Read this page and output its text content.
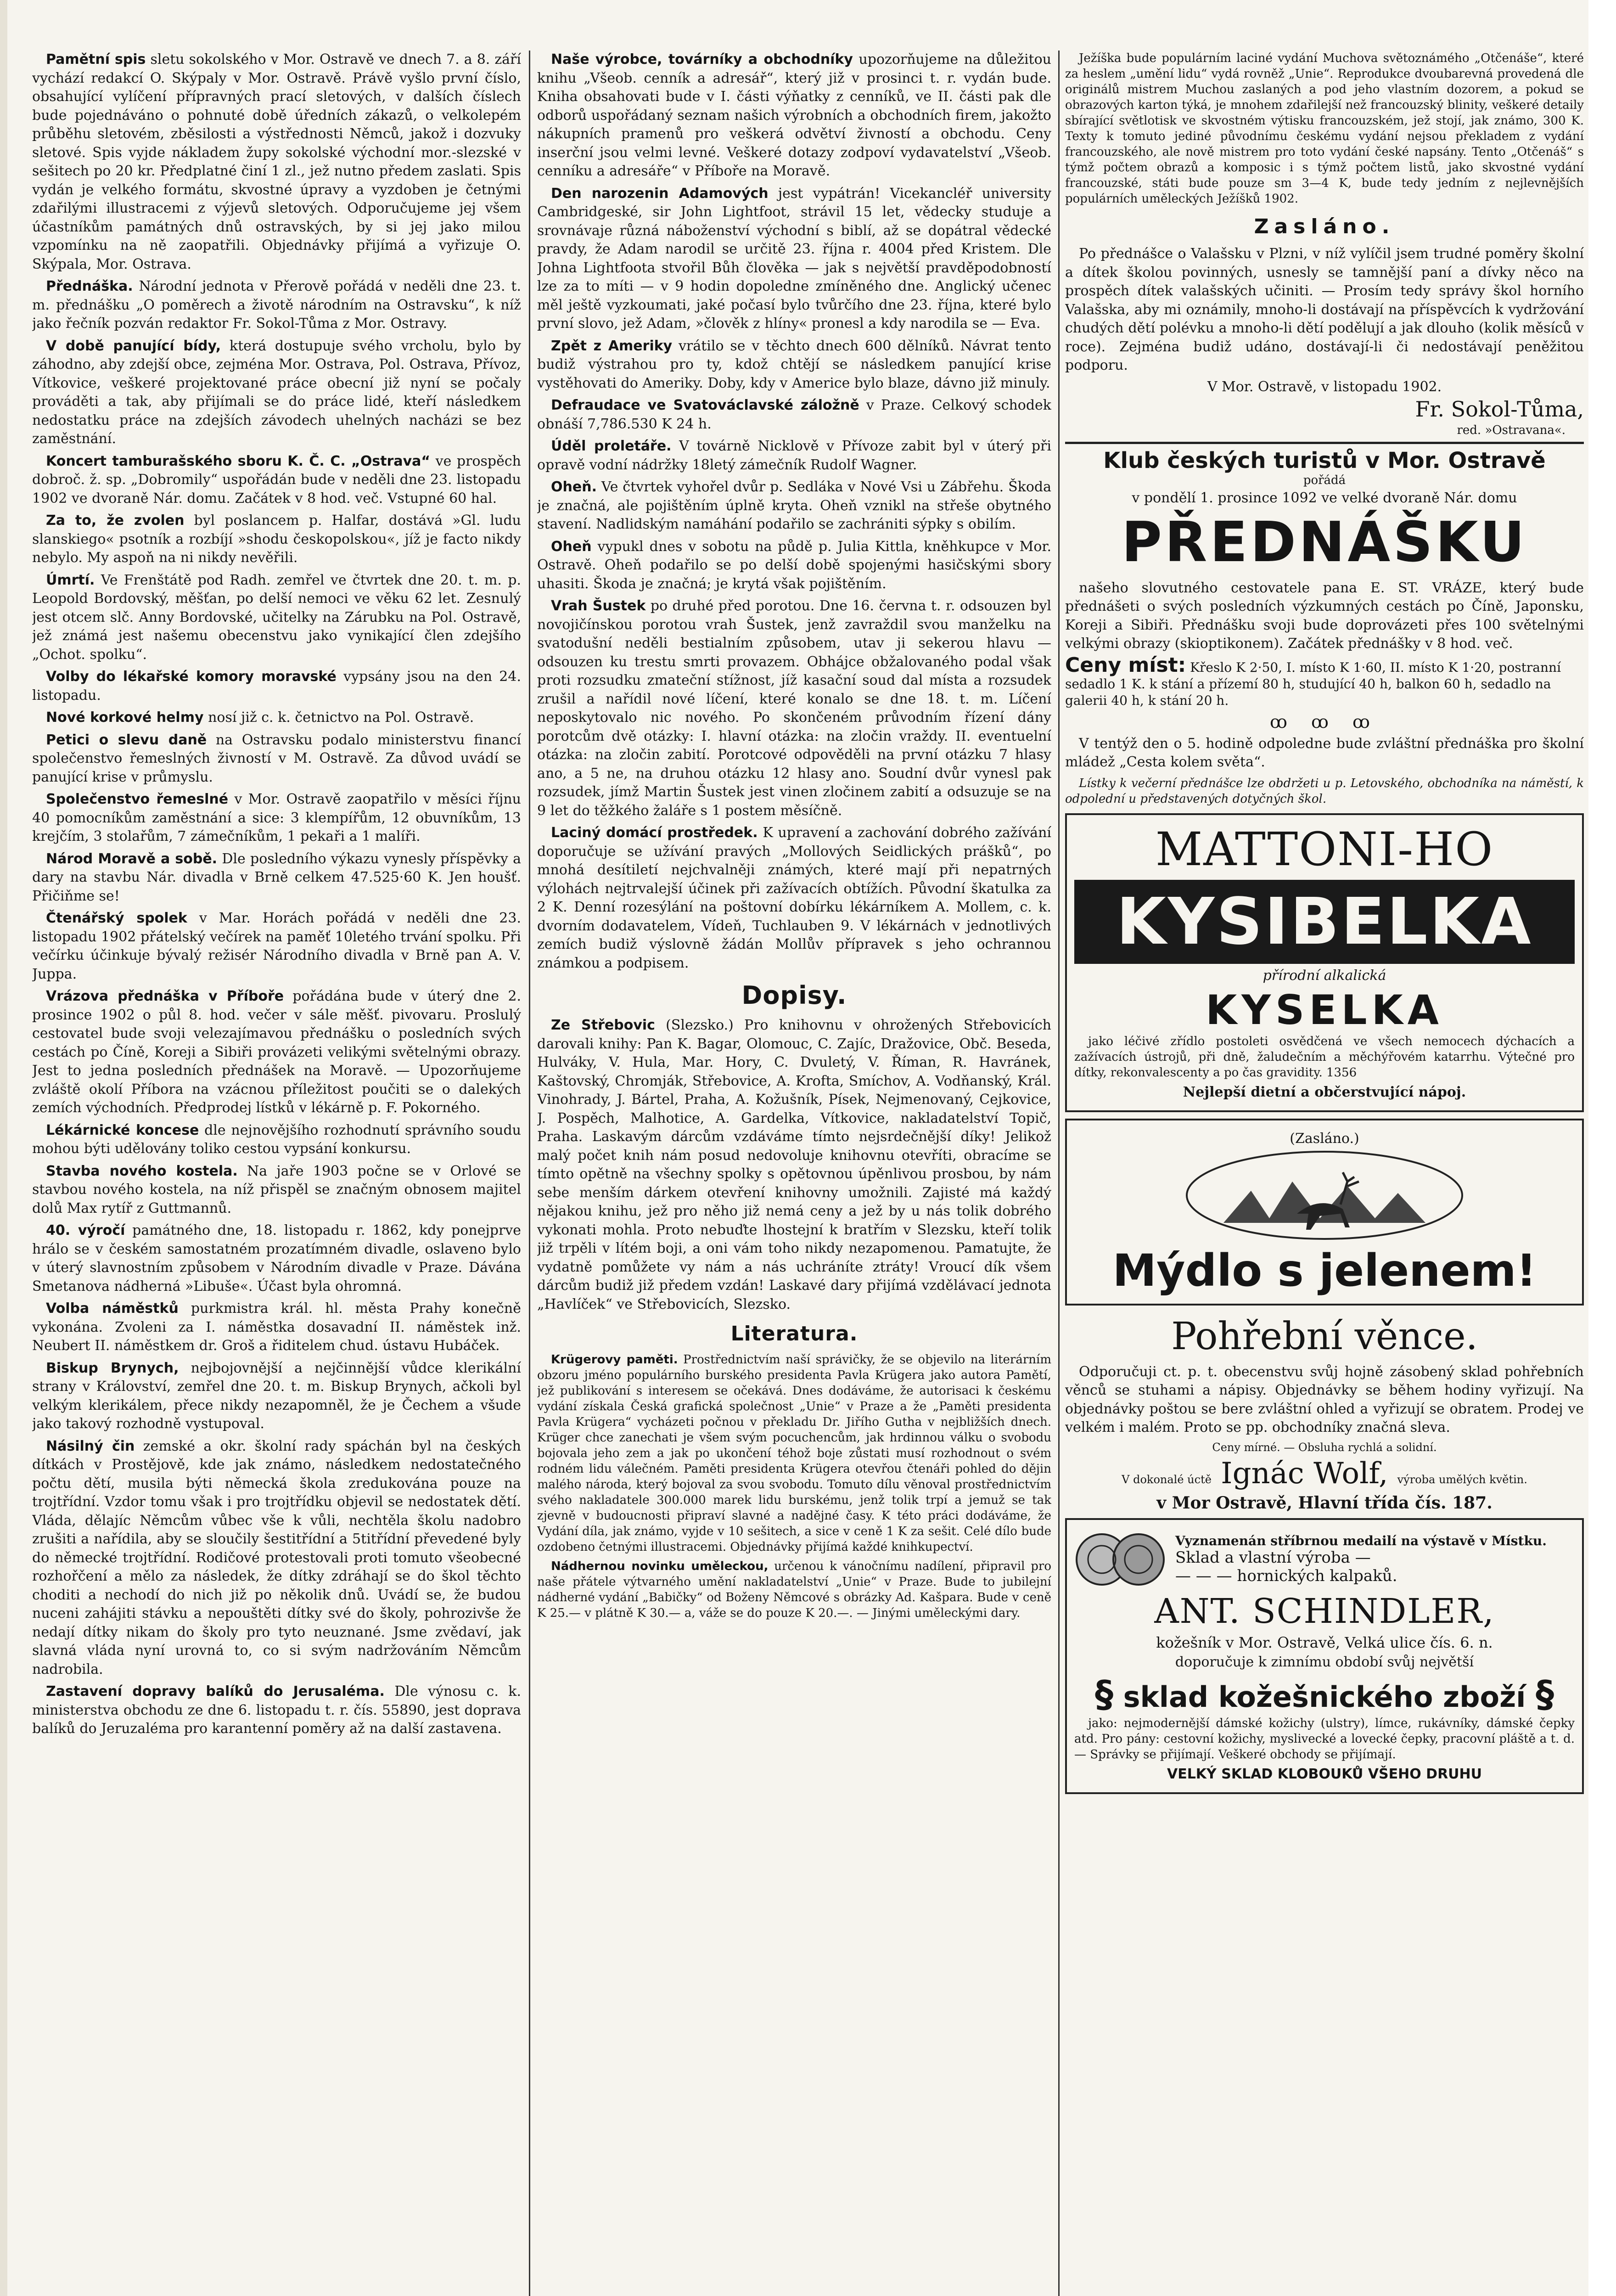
Pamětní spis sletu sokolského v Mor. Ostravě ve dnech 7. a 8. září vychází redakcí O. Skýpaly v Mor. Ostravě. Právě vyšlo první číslo, obsahující vylíčení přípravných prací sletových, v dalších číslech bude pojednáváno o pohnuté době úředních zákazů, o velkolepém průběhu sletovém, zběsilosti a výstřednosti Němců, jakož i dozvuky sletové. Spis vyjde nákladem župy sokolské východní mor.-slezské v sešitech po 20 kr. Předplatné činí 1 zl., jež nutno předem zaslati. Spis vydán je velkého formátu, skvostné úpravy a vyzdoben je četnými zdařilými illustracemi z výjevů sletových. Odporučujeme jej všem účastníkům památných dnů ostravských, by si jej jako milou vzpomínku na ně zaopatřili. Objednávky přijímá a vyřizuje O. Skýpala, Mor. Ostrava.

Přednáška. Národní jednota v Přerově pořádá v neděli dne 23. t. m. přednášku „O poměrech a životě národním na Ostravsku“, k níž jako řečník pozván redaktor Fr. Sokol-Tůma z Mor. Ostravy.

V době panující bídy, která dostupuje svého vrcholu, bylo by záhodno, aby zdejší obce, zejména Mor. Ostrava, Pol. Ostrava, Přívoz, Vítkovice, veškeré projektované práce obecní již nyní se počaly prováděti a tak, aby přijímali se do práce lidé, kteří následkem nedostatku práce na zdejších závodech uhelných nacházi se bez zaměstnání.

Koncert tamburašského sboru K. Č. C. „Ostrava“ ve prospěch dobroč. ž. sp. „Dobromily“ uspořádán bude v neděli dne 23. listopadu 1902 ve dvoraně Nár. domu. Začátek v 8 hod. več. Vstupné 60 hal.

Za to, že zvolen byl poslancem p. Halfar, dostává »Gl. ludu slanskiego« psotník a rozbíjí »shodu českopolskou«, jíž je facto nikdy nebylo. My aspoň na ni nikdy nevěřili.

Úmrtí. Ve Frenštátě pod Radh. zemřel ve čtvrtek dne 20. t. m. p. Leopold Bordovský, měšťan, po delší nemoci ve věku 62 let. Zesnulý jest otcem slč. Anny Bordovské, učitelky na Zárubku na Pol. Ostravě, jež známá jest našemu obecenstvu jako vynikající člen zdejšího „Ochot. spolku“.

Volby do lékařské komory moravské vypsány jsou na den 24. listopadu.

Nové korkové helmy nosí již c. k. četnictvo na Pol. Ostravě.

Petici o slevu daně na Ostravsku podalo ministerstvu financí společenstvo řemeslných živností v M. Ostravě. Za důvod uvádí se panující krise v průmyslu.

Společenstvo řemeslné v Mor. Ostravě zaopatřilo v měsíci říjnu 40 pomocníkům zaměstnání a sice: 3 klempířům, 12 obuvníkům, 13 krejčím, 3 stolařům, 7 zámečníkům, 1 pekaři a 1 malíři.

Národ Moravě a sobě. Dle posledního výkazu vynesly příspěvky a dary na stavbu Nár. divadla v Brně celkem 47.525·60 K. Jen houšť. Přičiňme se!

Čtenářský spolek v Mar. Horách pořádá v neděli dne 23. listopadu 1902 přátelský večírek na paměť 10letého trvání spolku. Při večírku účinkuje bývalý režisér Národního divadla v Brně pan A. V. Juppa.

Vrázova přednáška v Příboře pořádána bude v úterý dne 2. prosince 1902 o půl 8. hod. večer v sále měšť. pivovaru. Proslulý cestovatel bude svoji velezajímavou přednášku o posledních svých cestách po Číně, Koreji a Sibiři provázeti velikými světelnými obrazy. Jest to jedna posledních přednášek na Moravě. — Upozorňujeme zvláště okolí Příbora na vzácnou příležitost poučiti se o dalekých zemích východních. Předprodej lístků v lékárně p. F. Pokorného.

Lékárnické koncese dle nejnovějšího rozhodnutí správního soudu mohou býti udělovány toliko cestou vypsání konkursu.

Stavba nového kostela. Na jaře 1903 počne se v Orlové se stavbou nového kostela, na níž přispěl se značným obnosem majitel dolů Max rytíř z Guttmannů.

40. výročí památného dne, 18. listopadu r. 1862, kdy ponejprve hrálo se v českém samostatném prozatímném divadle, oslaveno bylo v úterý slavnostním způsobem v Národním divadle v Praze. Dávána Smetanova nádherná »Libuše«. Účast byla ohromná.

Volba náměstků purkmistra král. hl. města Prahy konečně vykonána. Zvoleni za I. náměstka dosavadní II. náměstek inž. Neubert II. náměstkem dr. Groš a řiditelem chud. ústavu Hubáček.

Biskup Brynych, nejbojovnější a nejčinnější vůdce klerikální strany v Království, zemřel dne 20. t. m. Biskup Brynych, ačkoli byl velkým klerikálem, přece nikdy nezapomněl, že je Čechem a všude jako takový rozhodně vystupoval.

Násilný čin zemské a okr. školní rady spáchán byl na českých dítkách v Prostějově, kde jak známo, následkem nedostatečného počtu dětí, musila býti německá škola zredukována pouze na trojtřídní. Vzdor tomu však i pro trojtřídku objevil se nedostatek dětí. Vláda, dělajíc Němcům vůbec vše k vůli, nechtěla školu nadobro zrušiti a nařídila, aby se sloučily šestitřídní a 5titřídní převedené byly do německé trojtřídní. Rodičové protestovali proti tomuto všeobecné rozhořčení a mělo za následek, že dítky zdráhají se do škol těchto choditi a nechodí do nich již po několik dnů. Uvádí se, že budou nuceni zahájiti stávku a nepouštěti dítky své do školy, pohrozivše že nedají dítky nikam do školy pro tyto neuznané. Jsme zvědaví, jak slavná vláda nyní urovná to, co si svým nadržováním Němcům nadrobila.

Zastavení dopravy balíků do Jerusaléma. Dle výnosu c. k. ministerstva obchodu ze dne 6. listopadu t. r. čís. 55890, jest doprava balíků do Jeruzaléma pro karantenní poměry až na další zastavena.

Naše výrobce, továrníky a obchodníky upozorňujeme na důležitou knihu „Všeob. cenník a adresář“, který již v prosinci t. r. vydán bude. Kniha obsahovati bude v I. části výňatky z cenníků, ve II. části pak dle odborů uspořádaný seznam našich výrobních a obchodních firem, jakožto nákupních pramenů pro veškerá odvětví živností a obchodu. Ceny inserční jsou velmi levné. Veškeré dotazy zodpoví vydavatelství „Všeob. cenníku a adresáře“ v Příboře na Moravě.

Den narozenin Adamových jest vypátrán! Vicekancléř university Cambridgeské, sir John Lightfoot, strávil 15 let, vědecky studuje a srovnávaje různá náboženství východní s biblí, až se dopátral vědecké pravdy, že Adam narodil se určitě 23. října r. 4004 před Kristem. Dle Johna Lightfoota stvořil Bůh člověka — jak s největší pravděpodobností lze za to míti — v 9 hodin dopoledne zmíněného dne. Anglický učenec měl ještě vyzkoumati, jaké počasí bylo tvůrčího dne 23. října, které bylo první slovo, jež Adam, »člověk z hlíny« pronesl a kdy narodila se — Eva.

Zpět z Ameriky vrátilo se v těchto dnech 600 dělníků. Návrat tento budiž výstrahou pro ty, kdož chtějí se následkem panující krise vystěhovati do Ameriky. Doby, kdy v Americe bylo blaze, dávno již minuly.

Defraudace ve Svatováclavské záložně v Praze. Celkový schodek obnáší 7,786.530 K 24 h.

Úděl proletáře. V továrně Nicklově v Přívoze zabit byl v úterý při opravě vodní nádržky 18letý zámečník Rudolf Wagner.

Oheň. Ve čtvrtek vyhořel dvůr p. Sedláka v Nové Vsi u Zábřehu. Škoda je značná, ale pojištěním úplně kryta. Oheň vznikl na střeše obytného stavení. Nadlidským namáhání podařilo se zachrániti sýpky s obilím.

Oheň vypukl dnes v sobotu na půdě p. Julia Kittla, kněhkupce v Mor. Ostravě. Oheň podařilo se po delší době spojenými hasičskými sbory uhasiti. Škoda je značná; je krytá však pojištěním.

Vrah Šustek po druhé před porotou. Dne 16. června t. r. odsouzen byl novojičínskou porotou vrah Šustek, jenž zavraždil svou manželku na svatodušní neděli bestialním způsobem, utav ji sekerou hlavu — odsouzen ku trestu smrti provazem. Obhájce obžalovaného podal však proti rozsudku zmateční stížnost, jíž kasační soud dal místa a rozsudek zrušil a nařídil nové líčení, které konalo se dne 18. t. m. Líčení neposkytovalo nic nového. Po skončeném průvodním řízení dány porotcům dvě otázky: I. hlavní otázka: na zločin vraždy. II. eventuelní otázka: na zločin zabití. Porotcové odpověděli na první otázku 7 hlasy ano, a 5 ne, na druhou otázku 12 hlasy ano. Soudní dvůr vynesl pak rozsudek, jímž Martin Šustek jest vinen zločinem zabití a odsuzuje se na 9 let do těžkého žaláře s 1 postem měsíčně.

Laciný domácí prostředek. K upravení a zachování dobrého zažívání doporučuje se užívání pravých „Mollových Seidlických prášků“, po mnohá desítiletí nejchvalněji známých, které mají při nepatrných výlohách nejtrvalejší účinek při zažívacích obtížích. Původní škatulka za 2 K. Denní rozesýlání na poštovní dobírku lékárníkem A. Mollem, c. k. dvorním dodavatelem, Vídeň, Tuchlauben 9. V lékárnách v jednotlivých zemích budiž výslovně žádán Mollův přípravek s jeho ochrannou známkou a podpisem.

Dopisy.

Ze Střebovic (Slezsko.) Pro knihovnu v ohrožených Střebovicích darovali knihy: Pan K. Bagar, Olomouc, C. Zajíc, Dražovice, Obč. Beseda, Hulváky, V. Hula, Mar. Hory, C. Dvuletý, V. Říman, R. Havránek, Kaštovský, Chromják, Střebovice, A. Krofta, Smíchov, A. Vodňanský, Král. Vinohrady, J. Bártel, Praha, A. Kožušník, Písek, Nejmenovaný, Cejkovice, J. Pospěch, Malhotice, A. Gardelka, Vítkovice, nakladatelství Topič, Praha. Laskavým dárcům vzdáváme tímto nejsrdečnější díky! Jelikož malý počet knih nám posud nedovoluje knihovnu otevříti, obracíme se tímto opětně na všechny spolky s opětovnou úpěnlivou prosbou, by nám sebe menším dárkem otevření knihovny umožnili. Zajisté má každý nějakou knihu, jež pro něho již nemá ceny a jež by u nás tolik dobrého vykonati mohla. Proto nebuďte lhostejní k bratřím v Slezsku, kteří tolik již trpěli v lítém boji, a oni vám toho nikdy nezapomenou. Pamatujte, že vydatně pomůžete vy nám a nás uchráníte ztráty! Vroucí dík všem dárcům budiž již předem vzdán! Laskavé dary přijímá vzdělávací jednota „Havlíček“ ve Střebovicích, Slezsko.

Literatura.

Krügerovy paměti. Prostřednictvím naší správičky, že se objevilo na literárním obzoru jméno populárního burského presidenta Pavla Krügera jako autora Pamětí, jež publikování s interesem se očekává. Dnes dodáváme, že autorisaci k českému vydání získala Česká grafická společnost „Unie“ v Praze a že „Paměti presidenta Pavla Krügera“ vycházeti počnou v překladu Dr. Jiřího Gutha v nejbližších dnech. Krüger chce zanechati je všem svým pocuchencům, jak hrdinnou válku o svobodu bojovala jeho zem a jak po ukončení téhož boje zůstati musí rozhodnout o svém rodném lidu válečném. Paměti presidenta Krügera otevřou čtenáři pohled do dějin malého národa, který bojoval za svou svobodu. Tomuto dílu věnoval prostřednictvím svého nakladatele 300.000 marek lidu burskému, jenž tolik trpí a jemuž se tak zjevně v budoucnosti připraví slavné a nadějné časy. K této práci dodáváme, že Vydání díla, jak známo, vyjde v 10 sešitech, a sice v ceně 1 K za sešit. Celé dílo bude ozdobeno četnými illustracemi. Objednávky přijímá každé knihkupectví.

Nádhernou novinku uměleckou, určenou k vánočnímu nadílení, připravil pro naše přátele výtvarného umění nakladatelství „Unie“ v Praze. Bude to jubilejní nádherné vydání „Babičky“ od Boženy Němcové s obrázky Ad. Kašpara. Bude v ceně K 25.— v plátně K 30.— a, váže se do pouze K 20.—. — Jinými uměleckými dary.

Ježíška bude populárním laciné vydání Muchova světoznámého „Otčenáše“, které za heslem „umění lidu“ vydá rovněž „Unie“. Reprodukce dvoubarevná provedená dle originálů mistrem Muchou zaslaných a pod jeho vlastním dozorem, a pokud se obrazových karton týká, je mnohem zdařilejší než francouzský blinity, veškeré detaily sbírající světlotisk ve skvostném výtisku francouzském, jež stojí, jak známo, 300 K. Texty k tomuto jediné původnímu českému vydání nejsou překladem z vydání francouzského, ale nově mistrem pro toto vydání české napsány. Tento „Otčenáš“ s týmž počtem obrazů a komposic i s týmž počtem listů, jako skvostné vydání francouzské, státi bude pouze sm 3—4 K, bude tedy jedním z nejlevnějších populárních uměleckých Ježíšků 1902.

Zasláno.

Po přednášce o Valašsku v Plzni, v níž vylíčil jsem trudné poměry školní a dítek školou povinných, usnesly se tamnější paní a dívky něco na prospěch dítek valašských učiniti. — Prosím tedy správy škol horního Valašska, aby mi oznámily, mnoho-li dostávají na příspěvcích k vydržování chudých dětí polévku a mnoho-li dětí podělují a jak dlouho (kolik měsíců v roce). Zejména budiž udáno, dostávají-li či nedostávají peněžitou podporu.

V Mor. Ostravě, v listopadu 1902.
Fr. Sokol-Tůma,
red. »Ostravana«.
Klub českých turistů v Mor. Ostravě
pořádá
v pondělí 1. prosince 1092 ve velké dvoraně Nár. domu
PŘEDNÁŠKU

našeho slovutného cestovatele pana E. ST. VRÁZE, který bude přednášeti o svých posledních výzkumných cestách po Číně, Japonsku, Koreji a Sibiři. Přednášku svoji bude doprovázeti přes 100 světelnými velkými obrazy (skioptikonem). Začátek přednášky v 8 hod. več.

Ceny míst: Křeslo K 2·50, I. místo K 1·60, II. místo K 1·20, postranní sedadlo 1 K. k stání a přízemí 80 h, studující 40 h, balkon 60 h, sedadlo na galerii 40 h, k stání 20 h.
ꝏ ꝏ ꝏ

V tentýž den o 5. hodině odpoledne bude zvláštní přednáška pro školní mládež „Cesta kolem světa“.

Lístky k večerní přednášce lze obdržeti u p. Letovského, obchodníka na náměstí, k odpolední u představených dotyčných škol.

MATTONI-HO
KYSIBELKA
přírodní alkalická
KYSELKA

jako léčivé zřídlo postoleti osvědčená ve všech nemocech dýchacích a zažívacích ústrojů, při dně, žaludečním a měchýřovém katarrhu. Výtečné pro dítky, rekonvalescenty a po čas gravidity. 1356

Nejlepší dietní a občerstvující nápoj.
(Zasláno.)
Mýdlo s jelenem!
Pohřební věnce.

Odporučuji ct. p. t. obecenstvu svůj hojně zásobený sklad pohřebních věnců se stuhami a nápisy. Objednávky se během hodiny vyřizují. Na objednávky poštou se bere zvláštní ohled a vyřizují se obratem. Prodej ve velkém i malém. Proto se pp. obchodníky značná sleva.

Ceny mírné. — Obsluha rychlá a solidní.
V dokonalé úctě Ignác Wolf, výroba umělých květin.
v Mor Ostravě, Hlavní třída čís. 187.
Vyznamenán stříbrnou medailí na výstavě v Místku.
Sklad a vlastní výroba —
— — — hornických kalpaků.
ANT. SCHINDLER,
kožešník v Mor. Ostravě, Velká ulice čís. 6. n.
doporučuje k zimnímu období svůj největší
§ sklad kožešnického zboží §

jako: nejmodernější dámské kožichy (ulstry), límce, rukávníky, dámské čepky atd. Pro pány: cestovní kožichy, myslivecké a lovecké čepky, pracovní pláště a t. d. — Správky se přijímají. Veškeré obchody se přijímají.

VELKÝ SKLAD KLOBOUKŮ VŠEHO DRUHU
